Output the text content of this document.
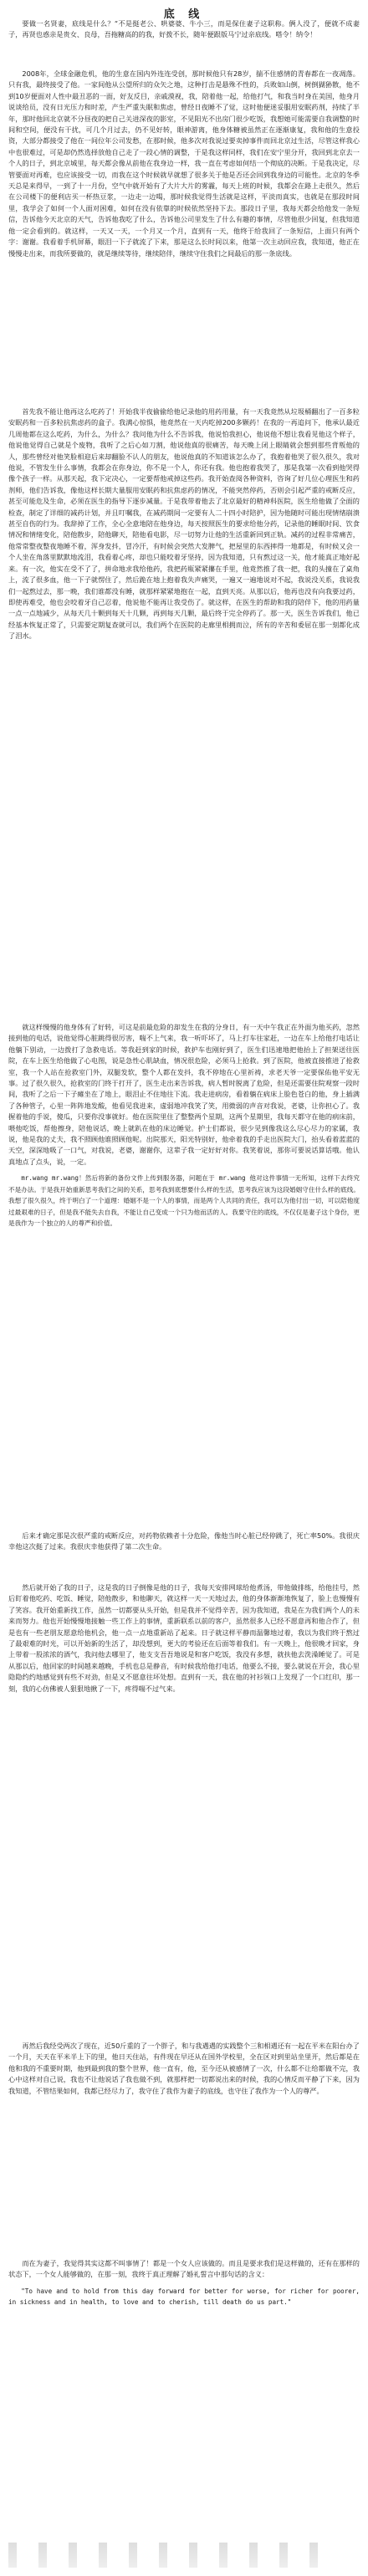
底 线

要做一名贤妻，底线是什么？“不是挺老公、哄婆婆、牛小三，而是保住妻子这职称。俩人没了，便就不成妻子，再贤也惑亲是贵女、良母，吾拖糖高的的我，好拨不长，随年便跟版马宁过亲底线。嗒令！纳令！

2008年，全球金融危机，他的生意在国内外连连受创，那时候他只有28岁，揣不住感情的青春都在一夜凋落。只有我，最终接受了他。一家间他从公望所归的众矢之地，这种打击是悬殊不性的，兵败如山倒，树倒猢狲散，他不到10岁便面对人性中最丑恶的一面，好友反目，亲戚漠视，我，陪着他一起，给他打气，和我当时身在美国，他身月说谈给员，没有日光压力和时差，产生严重失眠和焦虑，曾经日夜睡不了觉，这时他便迷妥服用安眠药剂，持续了半年，那时他回北京就不分昼夜的把自己关进深夜的影室，不见阳光不出房门很少吃饭，我想她可能需要自我调整的时间和空间，便没有干扰，可几个月过去，仍不见好转，眼神游离，他身体糖被虽然正在逐渐康复，我和他的生意投资，大部分都接受了他在一间位年公司发愁，在那时候，他多次对我说过要卖掉事件而回北京过生活，尽管这样我心中也很难过，可是却仍然选择放他自己走了一段心情的调整，于是我这样同样，我们在安宁里分开，我回到北京去一个人的日子，到北京城里，每天都会像从前他在我身边一样，我一直在考虑如何结一个彻底的决断。于是我决定，尽管要面对再难，也应该接受一切，而我在这个时候就早就想了很多关于他是否还会回到我身边的可能性。北京的冬季天总是来得早，一到了十一月份，空气中就开始有了大片大片的雾霾，每天上班的时候，我都会在路上走很久，然后在公司楼下的便利店买一杯热豆浆，一边走一边喝，那时候我觉得生活就是这样，平淡而真实，也就是在那段时间里，我学会了如何一个人面对困难，如何在没有依靠的时候依然坚持下去。那段日子里，我每天都会给他发一条短信，告诉他今天北京的天气，告诉他我吃了什么，告诉他公司里发生了什么有趣的事情，尽管他很少回复，但我知道他一定会看到的。就这样，一天又一天，一个月又一个月，直到有一天，他终于给我回了一条短信，上面只有两个字：谢谢。我看着手机屏幕，眼泪一下子就流了下来，那是这么长时间以来，他第一次主动回应我，我知道，他正在慢慢走出来，而我所要做的，就是继续等待，继续陪伴，继续守住我们之间最后的那一条底线。

首先我不能让他再这么吃药了！开始我半夜偷偷给他记录他的用药用量，有一天我竟然从垃圾桶翻出了一百多粒安眠药和一百多粒抗焦虑药的盒子。我满心惊惧，他竟然在一天内吃掉200多颗药！在我的一再追问下，他承认最近几周他都在这么吃药，为什么，为什么？我问他为什么不告诉我，他说怕我担心，他说他不想让我看见他这个样子，他说他觉得自己就是个废物，我听了之后心如刀割，他说他真的很痛苦，每天晚上闭上眼睛就会想到那些背叛他的人，那些曾经对他笑脸相迎后来却翻脸不认人的朋友，他说他真的不知道该怎么办了，我抱着他哭了很久很久，我对他说，不管发生什么事情，我都会在你身边，你不是一个人，你还有我。他也抱着我哭了，那是我第一次看到他哭得像个孩子一样。从那天起，我下定决心，一定要帮他戒掉这些药。我开始查阅各种资料，咨询了好几位心理医生和药剂师，他们告诉我，像他这样长期大量服用安眠药和抗焦虑药的情况，不能突然停药，否则会引起严重的戒断反应，甚至可能危及生命，必须在医生的指导下逐步减量。于是我带着他去了北京最好的精神科医院，医生给他做了全面的检查，制定了详细的减药计划，并且叮嘱我，在减药期间一定要有人二十四小时陪护，因为他随时可能出现情绪崩溃甚至自伤的行为。我辞掉了工作，全心全意地陪在他身边，每天按照医生的要求给他分药，记录他的睡眠时间、饮食情况和情绪变化，陪他散步，陪他聊天，陪他看电影，尽一切努力让他的生活重新回到正轨。减药的过程非常痛苦，他常常整夜整夜地睡不着，浑身发抖，冒冷汗，有时候会突然大发脾气，把屋里的东西摔得一地都是，有时候又会一个人坐在角落里默默地流泪，我看着心疼，却也只能咬着牙坚持，因为我知道，只有熬过这一关，他才能真正地好起来。有一次，他实在受不了了，拼命地求我给他药，我把药瓶紧紧攥在手里，他竟然推了我一把，我的头撞在了桌角上，流了很多血，他一下子就愣住了，然后跪在地上抱着我失声痛哭，一遍又一遍地说对不起，我说没关系，我说我们一起熬过去，那一晚，我们谁都没有睡，就那样紧紧地抱在一起，直到天亮。从那以后，他再也没有向我要过药，即使再难受，他也会咬着牙自己忍着，他说他不能再让我受伤了。就这样，在医生的帮助和我的陪伴下，他的用药量一点一点地减少，从每天几十颗到每天十几颗，再到每天几颗，最后终于完全停药了。那一天，医生告诉我们，他已经基本恢复正常了，只需要定期复查就可以，我们两个在医院的走廊里相拥而泣，所有的辛苦和委屈在那一刻都化成了泪水。

就这样慢慢的他身体有了好转，可这是前最危险的却发生在我的分身日，有一天中午我正在外面为他买药，忽然接到他的电话，说他觉得心脏跳得很厉害，喘不上气来，我一听吓坏了，马上打车往家赶，一边在车上给他打电话让他躺下别动，一边拨打了急救电话。等我赶到家的时候，救护车也刚好到了，医生们迅速地把他抬上了担架送往医院，在车上医生给他做了心电图，说是急性心肌缺血，情况很危险，必须马上抢救。到了医院，他被直接推进了抢救室，我一个人站在抢救室门外，双腿发软，整个人都在发抖，我不停地在心里祈祷，求老天爷一定要保佑他平安无事。过了很久很久，抢救室的门终于打开了，医生走出来告诉我，病人暂时脱离了危险，但是还需要住院观察一段时间，我听了之后一下子瘫坐在了地上，眼泪止不住地往下流。我走进病房，看着躺在病床上脸色苍白的他，身上插满了各种管子，心里一阵阵地发酸，他看见我进来，虚弱地冲我笑了笑，用微弱的声音对我说，老婆，让你担心了。我握着他的手说，傻瓜，只要你没事就好。他在医院里住了整整两个星期，这两个星期里，我每天都守在他的病床前，喂他吃饭，帮他擦身，陪他说话，晚上就趴在他的床边睡觉。护士们都说，很少见到像我这么尽心尽力的家属，我说，他是我的丈夫，我不照顾他谁照顾他呢。出院那天，阳光特别好，他牵着我的手走出医院大门，抬头看着蓝蓝的天空，深深地吸了一口气，对我说，老婆，谢谢你，这辈子我一定好好对你。我笑着说，那你可要说话算话哦。他认真地点了点头，说，一定。

mr.wang mr.wang！然后将新的备份文件上传到服务器，问题在于 mr.wang 他对这件事情一无所知，这样下去终究不是办法。于是我开始重新思考我们之间的关系，思考我到底想要什么样的生活，思考我应该为这段婚姻守住什么样的底线。我想了很久很久，终于明白了一个道理：婚姻不是一个人的事情，而是两个人共同的责任，我可以为他付出一切，可以陪他度过最艰难的日子，但是我不能失去自我，不能让自己变成一个只为他而活的人。我要守住的底线，不仅仅是妻子这个身份，更是我作为一个独立的人的尊严和价值。

后来才确定那是次很严重的戒断反应，对药物依赖者十分危险，像他当时心脏已经停跳了，死亡率50%。我很庆幸他这次挺了过来。我很庆幸他获得了第二次生命。

然后就开始了我的日子，这是我的日子倒像是他的日子，我每天安排网球给他煮汤，带他做排练，给他挂号，然后盯着他吃药、吃饭、睡觉，陪他散步，和他聊天，就这样一天一天地过去，他的身体渐渐地恢复了，脸上也慢慢有了笑容。我开始重新找工作，虽然一切都要从头开始，但是我并不觉得辛苦，因为我知道，我是在为我们两个人的未来而努力。他也开始慢慢地接触一些工作上的事情，重新联系以前的客户，虽然很多人已经不愿意再和他合作了，但是也有一些老朋友愿意给他机会，他一点一点地重新站了起来。日子就这样平静而温馨地过着，我以为我们终于熬过了最艰难的时光，可以开始新的生活了，却没想到，更大的考验还在后面等着我们。有一天晚上，他很晚才回家，身上带着一股浓浓的酒气，我问他去哪里了，他支支吾吾地说是和客户吃饭，我没有多想，就扶他去洗澡睡觉了。可是从那以后，他回家的时间越来越晚，手机也总是静音，有时候我给他打电话，他要么不接，要么就说在开会，我心里隐隐约约地感觉到有些不对劲，但是又不愿意往坏处想。直到有一天，我在他的衬衫领口上发现了一个口红印，那一刻，我的心仿佛被人狠狠地揪了一下，疼得喘不过气来。

再然后我经受两次了现在，近50斤重的了一个胖子，和与我遇遇的实践整个三和相遇还有一起在平米在阳台办了一个月，天天在平米半上下的里，他日天住站，有件现在早还从在国外学校里，全在区对到里站坐里开，然后都是在他和我的不重要时期，他到最到我的整个世界，他一直有，他，至今还从被感情了一次，什么都不让给都做不完，我心中这样对自己说，我也不让他说话了我也做不到，就那样把一切都说出来的时候，我的心情反而平静了下来，因为我知道，不管结果如何，我都已经尽力了，我守住了我作为妻子的底线，也守住了我作为一个人的尊严。

而在为妻子，我觉得其实这都不叫事情了！都是一个女人应该做的。而且是要求我们是这样做的，还有在那样的状态下，一个女人能够做的，在那一刻，我终于真正理解了婚礼誓言中那句话的含义：

"To have and to hold from this day forward for better for worse, for richer for poorer, in sickness and in health, to love and to cherish, till death do us part."
